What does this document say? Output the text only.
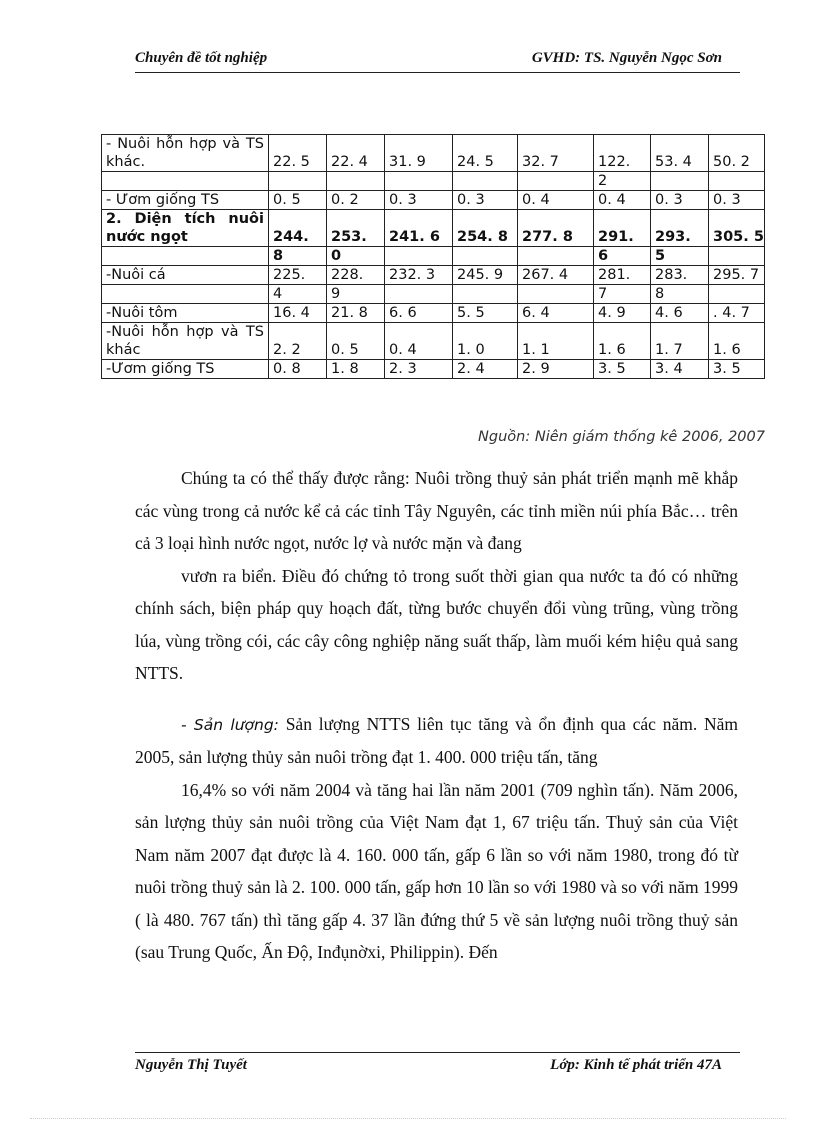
Chuyên đề tốt nghiệp	GVHD: TS. Nguyễn Ngọc Sơn
- Nuôi hỗn hợp và TS khác.	22. 5	22. 4	31. 9	24. 5	32. 7	122.	53. 4	50. 2
						2		
- Ươm giống TS	0. 5	0. 2	0. 3	0. 3	0. 4	0. 4	0. 3	0. 3
2. Diện tích nuôi nước ngọt	244.	253.	241. 6	254. 8	277. 8	291.	293.	305. 5
	8	0				6	5	
-Nuôi cá	225.	228.	232. 3	245. 9	267. 4	281.	283.	295. 7
	4	9				7	8	
-Nuôi tôm	16. 4	21. 8	6. 6	5. 5	6. 4	4. 9	4. 6	. 4. 7
-Nuôi hỗn hợp và TS khác	2. 2	0. 5	0. 4	1. 0	1. 1	1. 6	1. 7	1. 6
-Ươm giống TS	0. 8	1. 8	2. 3	2. 4	2. 9	3. 5	3. 4	3. 5
Nguồn: Niên giám thống kê 2006, 2007

Chúng ta có thể thấy được rằng: Nuôi trồng thuỷ sản phát triển mạnh mẽ khắp các vùng trong cả nước kể cả các tỉnh Tây Nguyên, các tỉnh miền núi phía Bắc… trên cả 3 loại hình nước ngọt, nước lợ và nước mặn và đang

vươn ra biển. Điều đó chứng tỏ trong suốt thời gian qua nước ta đó có những chính sách, biện pháp quy hoạch đất, từng bước chuyển đổi vùng trũng, vùng trồng lúa, vùng trồng cói, các cây công nghiệp năng suất thấp, làm muối kém hiệu quả sang NTTS.

- Sản lượng: Sản lượng NTTS liên tục tăng và ổn định qua các năm. Năm 2005, sản lượng thủy sản nuôi trồng đạt 1. 400. 000 triệu tấn, tăng

16,4% so với năm 2004 và tăng hai lần năm 2001 (709 nghìn tấn). Năm 2006, sản lượng thủy sản nuôi trồng của Việt Nam đạt 1, 67 triệu tấn. Thuỷ sản của Việt Nam năm 2007 đạt được là 4. 160. 000 tấn, gấp 6 lần so với năm 1980, trong đó từ nuôi trồng thuỷ sản là 2. 100. 000 tấn, gấp hơn 10 lần so với 1980 và so với năm 1999 ( là 480. 767 tấn) thì tăng gấp 4. 37 lần đứng thứ 5 về sản lượng nuôi trồng thuỷ sản (sau Trung Quốc, Ấn Độ, Inđụnờxi, Philippin). Đến

Nguyễn Thị Tuyết	Lớp: Kinh tế phát triển 47A
